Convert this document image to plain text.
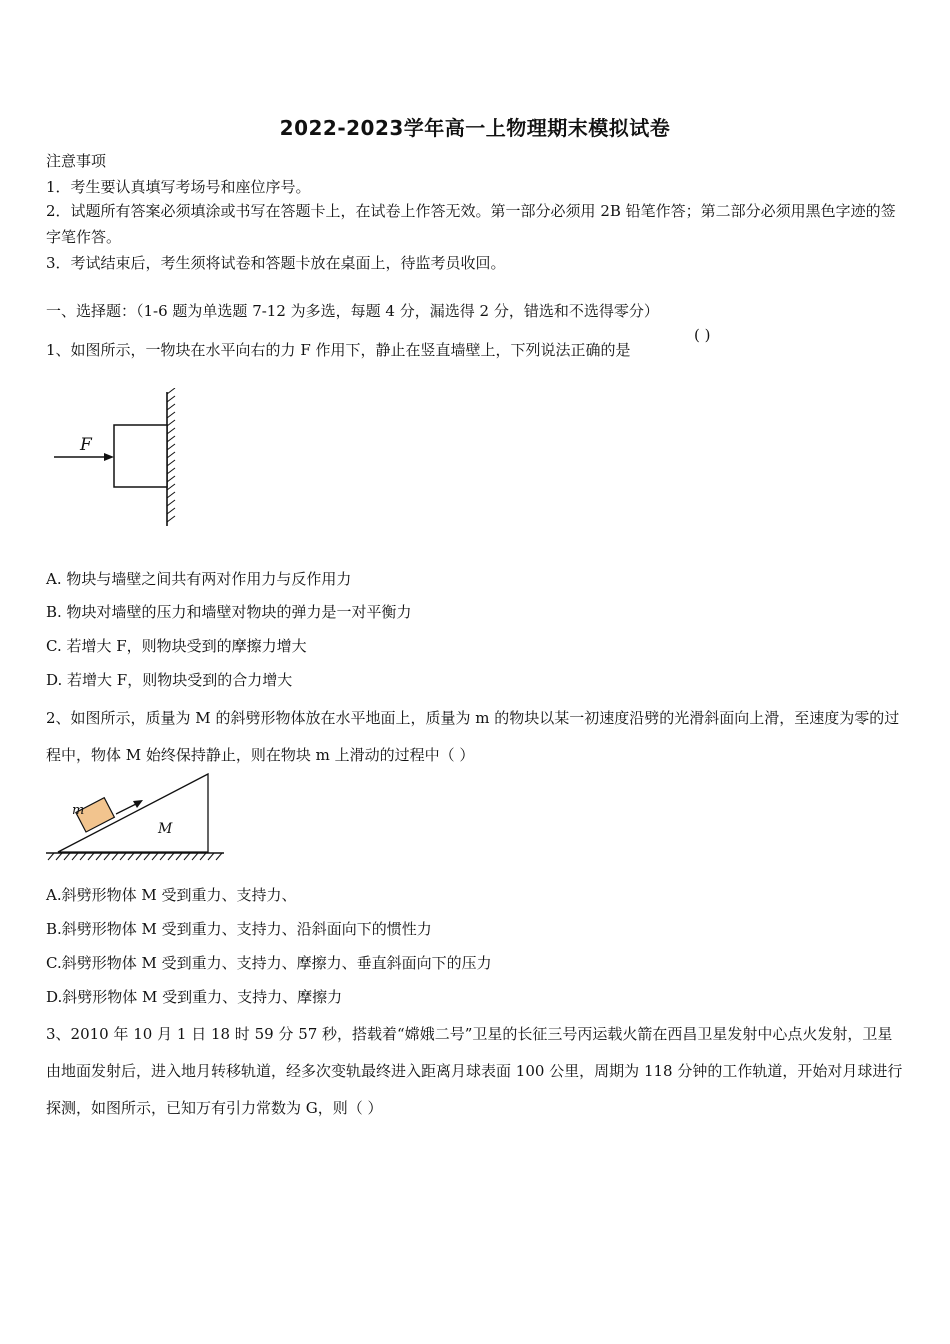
2022-2023学年高一上物理期末模拟试卷
注意事项
1．考生要认真填写考场号和座位序号。
2．试题所有答案必须填涂或书写在答题卡上，在试卷上作答无效。第一部分必须用 2B 铅笔作答；第二部分必须用黑色字迹的签字笔作答。
3．考试结束后，考生须将试卷和答题卡放在桌面上，待监考员收回。
一、选择题：（1-6 题为单选题 7-12 为多选，每题 4 分，漏选得 2 分，错选和不选得零分）
1、如图所示，一物块在水平向右的力 F 作用下，静止在竖直墙壁上，下列说法正确的是
( )
F
A. 物块与墙壁之间共有两对作用力与反作用力
B. 物块对墙壁的压力和墙壁对物块的弹力是一对平衡力
C. 若增大 F，则物块受到的摩擦力增大
D. 若增大 F，则物块受到的合力增大
2、如图所示，质量为 M 的斜劈形物体放在水平地面上，质量为 m 的物块以某一初速度沿劈的光滑斜面向上滑，至速度为零的过程中，物体 M 始终保持静止，则在物块 m 上滑动的过程中（ ）
m
M
A.斜劈形物体 M 受到重力、支持力、
B.斜劈形物体 M 受到重力、支持力、沿斜面向下的惯性力
C.斜劈形物体 M 受到重力、支持力、摩擦力、垂直斜面向下的压力
D.斜劈形物体 M 受到重力、支持力、摩擦力
3、2010 年 10 月 1 日 18 时 59 分 57 秒，搭载着“嫦娥二号”卫星的长征三号丙运载火箭在西昌卫星发射中心点火发射，卫星由地面发射后，进入地月转移轨道，经多次变轨最终进入距离月球表面 100 公里，周期为 118 分钟的工作轨道，开始对月球进行探测，如图所示，已知万有引力常数为 G，则（ ）
